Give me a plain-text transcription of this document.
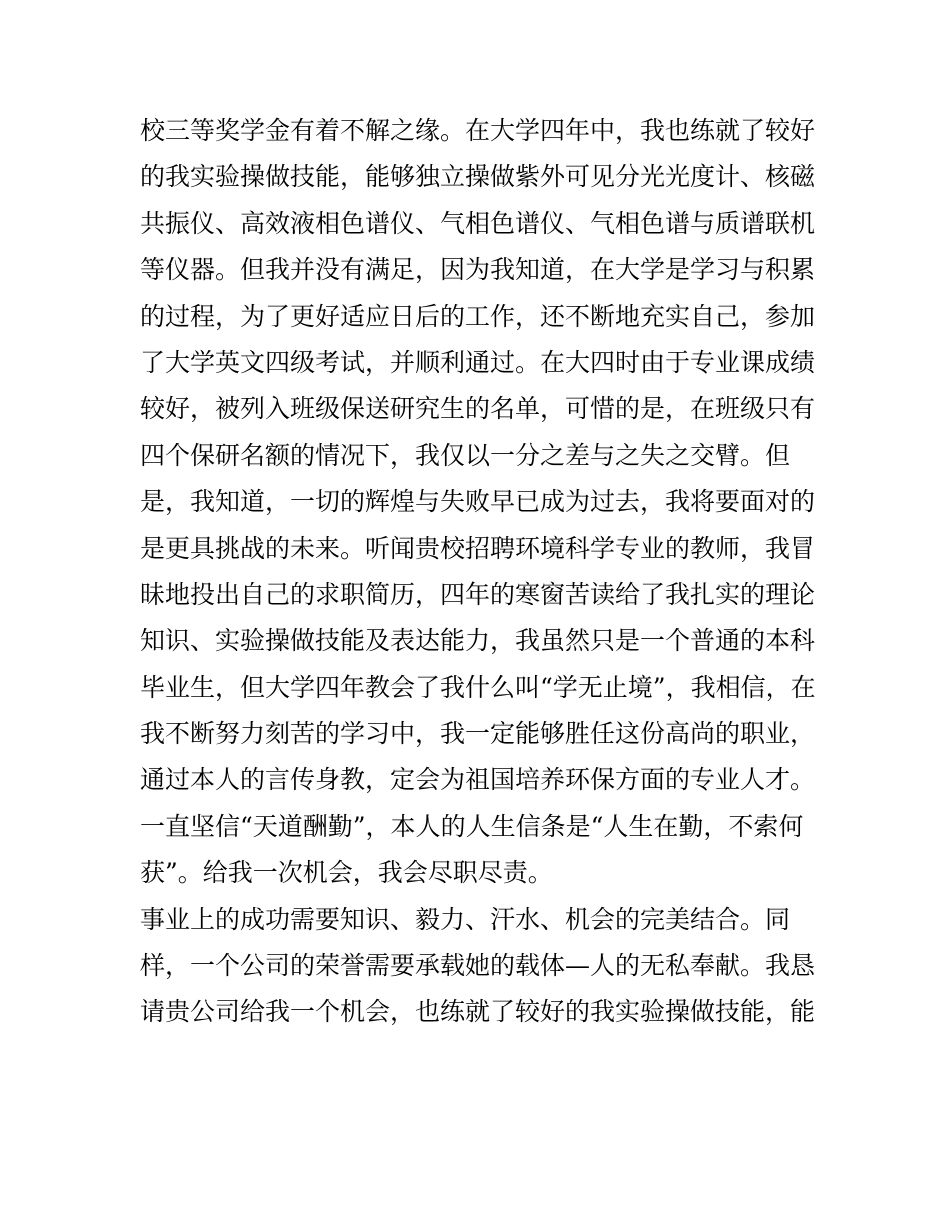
校三等奖学金有着不解之缘。在大学四年中，我也练就了较好
的我实验操做技能，能够独立操做紫外可见分光光度计、核磁
共振仪、高效液相色谱仪、气相色谱仪、气相色谱与质谱联机
等仪器。但我并没有满足，因为我知道，在大学是学习与积累
的过程，为了更好适应日后的工作，还不断地充实自己，参加
了大学英文四级考试，并顺利通过。在大四时由于专业课成绩
较好，被列入班级保送研究生的名单，可惜的是，在班级只有
四个保研名额的情况下，我仅以一分之差与之失之交臂。但
是，我知道，一切的辉煌与失败早已成为过去，我将要面对的
是更具挑战的未来。听闻贵校招聘环境科学专业的教师，我冒
昧地投出自己的求职简历，四年的寒窗苦读给了我扎实的理论
知识、实验操做技能及表达能力，我虽然只是一个普通的本科
毕业生，但大学四年教会了我什么叫“学无止境”，我相信，在
我不断努力刻苦的学习中，我一定能够胜任这份高尚的职业，
通过本人的言传身教，定会为祖国培养环保方面的专业人才。
一直坚信“天道酬勤”，本人的人生信条是“人生在勤，不索何
获”。给我一次机会，我会尽职尽责。
事业上的成功需要知识、毅力、汗水、机会的完美结合。同
样，一个公司的荣誉需要承载她的载体—人的无私奉献。我恳
请贵公司给我一个机会，也练就了较好的我实验操做技能，能
